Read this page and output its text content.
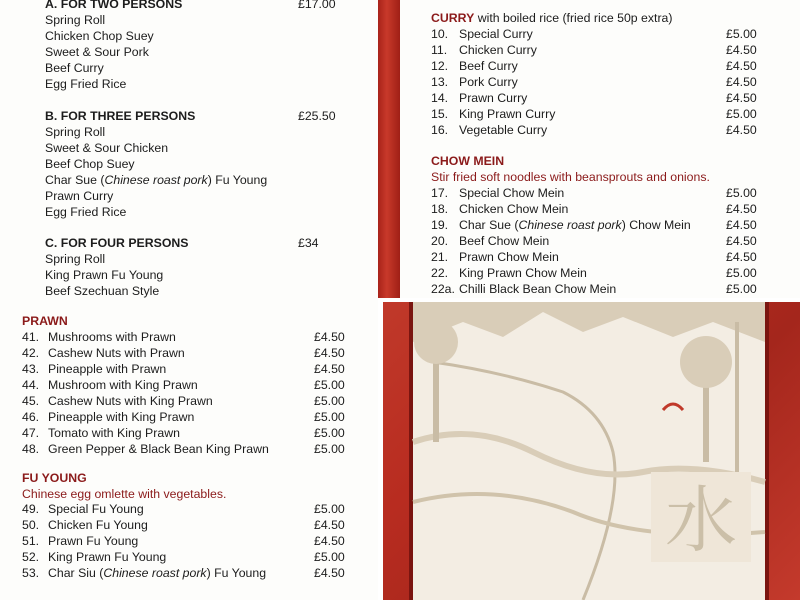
A. FOR TWO PERSONS	£17.00
Spring Roll
Chicken Chop Suey
Sweet & Sour Pork
Beef Curry
Egg Fried Rice
B. FOR THREE PERSONS	£25.50
Spring Roll
Sweet & Sour Chicken
Beef Chop Suey
Char Sue (Chinese roast pork) Fu Young
Prawn Curry
Egg Fried Rice
C. FOR FOUR PERSONS	£34
Spring Roll
King Prawn Fu Young
Beef Szechuan Style
CURRY with boiled rice (fried rice 50p extra)
10. Special Curry	£5.00
11. Chicken Curry	£4.50
12. Beef Curry	£4.50
13. Pork Curry	£4.50
14. Prawn Curry	£4.50
15. King Prawn Curry	£5.00
16. Vegetable Curry	£4.50
CHOW MEIN
Stir fried soft noodles with beansprouts and onions.
17. Special Chow Mein	£5.00
18. Chicken Chow Mein	£4.50
19. Char Sue (Chinese roast pork) Chow Mein	£4.50
20. Beef Chow Mein	£4.50
21. Prawn Chow Mein	£4.50
22. King Prawn Chow Mein	£5.00
22a. Chilli Black Bean Chow Mein	£5.00
PRAWN
41. Mushrooms with Prawn	£4.50
42. Cashew Nuts with Prawn	£4.50
43. Pineapple with Prawn	£4.50
44. Mushroom with King Prawn	£5.00
45. Cashew Nuts with King Prawn	£5.00
46. Pineapple with King Prawn	£5.00
47. Tomato with King Prawn	£5.00
48. Green Pepper & Black Bean King Prawn	£5.00
FU YOUNG
Chinese egg omlette with vegetables.
49. Special Fu Young	£5.00
50. Chicken Fu Young	£4.50
51. Prawn Fu Young	£4.50
52. King Prawn Fu Young	£5.00
53. Char Siu (Chinese roast pork) Fu Young	£4.50
水
